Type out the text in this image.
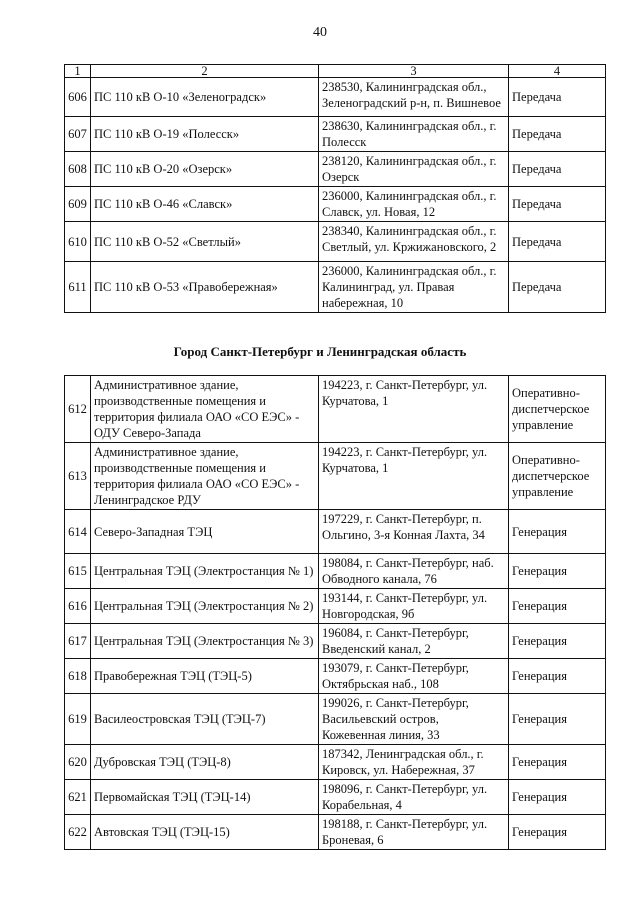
40
1	2	3	4
606	ПС 110 кВ О-10 «Зеленоградск»	238530, Калининградская обл., Зеленоградский р-н, п. Вишневое	Передача
607	ПС 110 кВ О-19 «Полесск»	238630, Калининградская обл., г. Полесск	Передача
608	ПС 110 кВ О-20 «Озерск»	238120, Калининградская обл., г. Озерск	Передача
609	ПС 110 кВ О-46 «Славск»	236000, Калининградская обл., г. Славск, ул. Новая, 12	Передача
610	ПС 110 кВ О-52 «Светлый»	238340, Калининградская обл., г. Светлый, ул. Кржижановского, 2	Передача
611	ПС 110 кВ О-53 «Правобережная»	236000, Калининградская обл., г. Калининград, ул. Правая набережная, 10	Передача
Город Санкт-Петербург и Ленинградская область
612	Административное здание, производственные помещения и территория филиала ОАО «СО ЕЭС» - ОДУ Северо-Запада	194223, г. Санкт-Петербург, ул. Курчатова, 1	Оперативно-диспетчерское управление
613	Административное здание, производственные помещения и территория филиала ОАО «СО ЕЭС» - Ленинградское РДУ	194223, г. Санкт-Петербург, ул. Курчатова, 1	Оперативно-диспетчерское управление
614	Северо-Западная ТЭЦ	197229, г. Санкт-Петербург, п. Ольгино, 3-я Конная Лахта, 34	Генерация
615	Центральная ТЭЦ (Электростанция № 1)	198084, г. Санкт-Петербург, наб. Обводного канала, 76	Генерация
616	Центральная ТЭЦ (Электростанция № 2)	193144, г. Санкт-Петербург, ул. Новгородская, 9б	Генерация
617	Центральная ТЭЦ (Электростанция № 3)	196084, г. Санкт-Петербург, Введенский канал, 2	Генерация
618	Правобережная ТЭЦ (ТЭЦ-5)	193079, г. Санкт-Петербург, Октябрьская наб., 108	Генерация
619	Василеостровская ТЭЦ (ТЭЦ-7)	199026, г. Санкт-Петербург, Васильевский остров, Кожевенная линия, 33	Генерация
620	Дубровская ТЭЦ (ТЭЦ-8)	187342, Ленинградская обл., г. Кировск, ул. Набережная, 37	Генерация
621	Первомайская ТЭЦ (ТЭЦ-14)	198096, г. Санкт-Петербург, ул. Корабельная, 4	Генерация
622	Автовская ТЭЦ (ТЭЦ-15)	198188, г. Санкт-Петербург, ул. Броневая, 6	Генерация
